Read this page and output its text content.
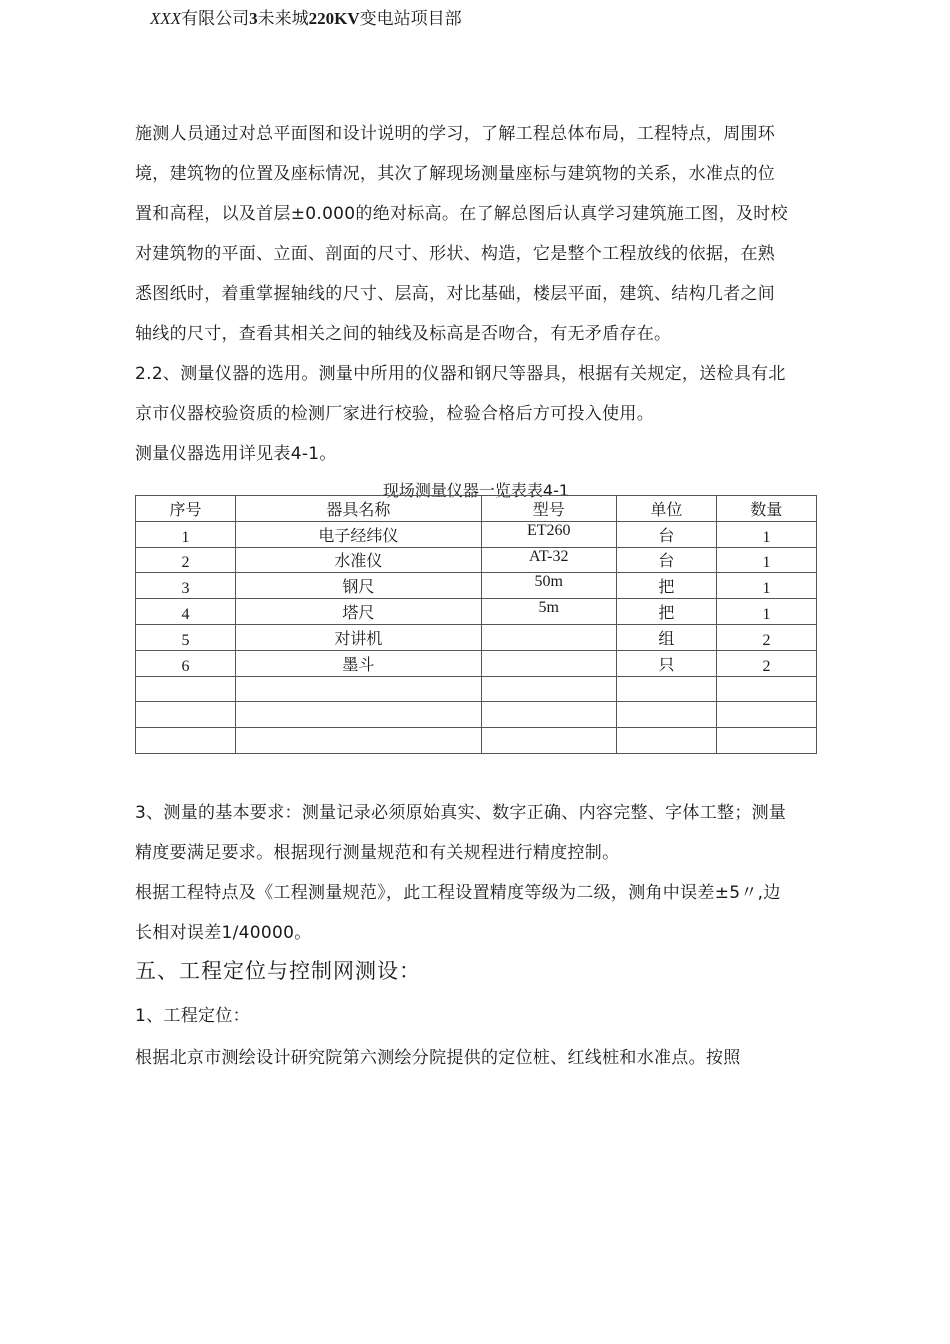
XXX有限公司3未来城220KV变电站项目部
施测人员通过对总平面图和设计说明的学习，了解工程总体布局，工程特点，周围环
境，建筑物的位置及座标情况，其次了解现场测量座标与建筑物的关系，水准点的位
置和高程，以及首层±0.000的绝对标高。在了解总图后认真学习建筑施工图，及时校
对建筑物的平面、立面、剖面的尺寸、形状、构造，它是整个工程放线的依据，在熟
悉图纸时，着重掌握轴线的尺寸、层高，对比基础，楼层平面，建筑、结构几者之间
轴线的尺寸，查看其相关之间的轴线及标高是否吻合，有无矛盾存在。
2.2、测量仪器的选用。测量中所用的仪器和钢尺等器具，根据有关规定，送检具有北
京市仪器校验资质的检测厂家进行校验，检验合格后方可投入使用。
测量仪器选用详见表4-1。
现场测量仪器一览表表4-1
序号	器具名称	型号	单位	数量
1	电子经纬仪	ET260	台	1
2	水准仪	AT-32	台	1
3	钢尺	50m	把	1
4	塔尺	5m	把	1
5	对讲机		组	2
6	墨斗		只	2

3、测量的基本要求：测量记录必须原始真实、数字正确、内容完整、字体工整；测量
精度要满足要求。根据现行测量规范和有关规程进行精度控制。
根据工程特点及《工程测量规范》，此工程设置精度等级为二级，测角中误差±5〃,边
长相对误差1/40000。
五、工程定位与控制网测设：
1、工程定位：
根据北京市测绘设计研究院第六测绘分院提供的定位桩、红线桩和水准点。按照
